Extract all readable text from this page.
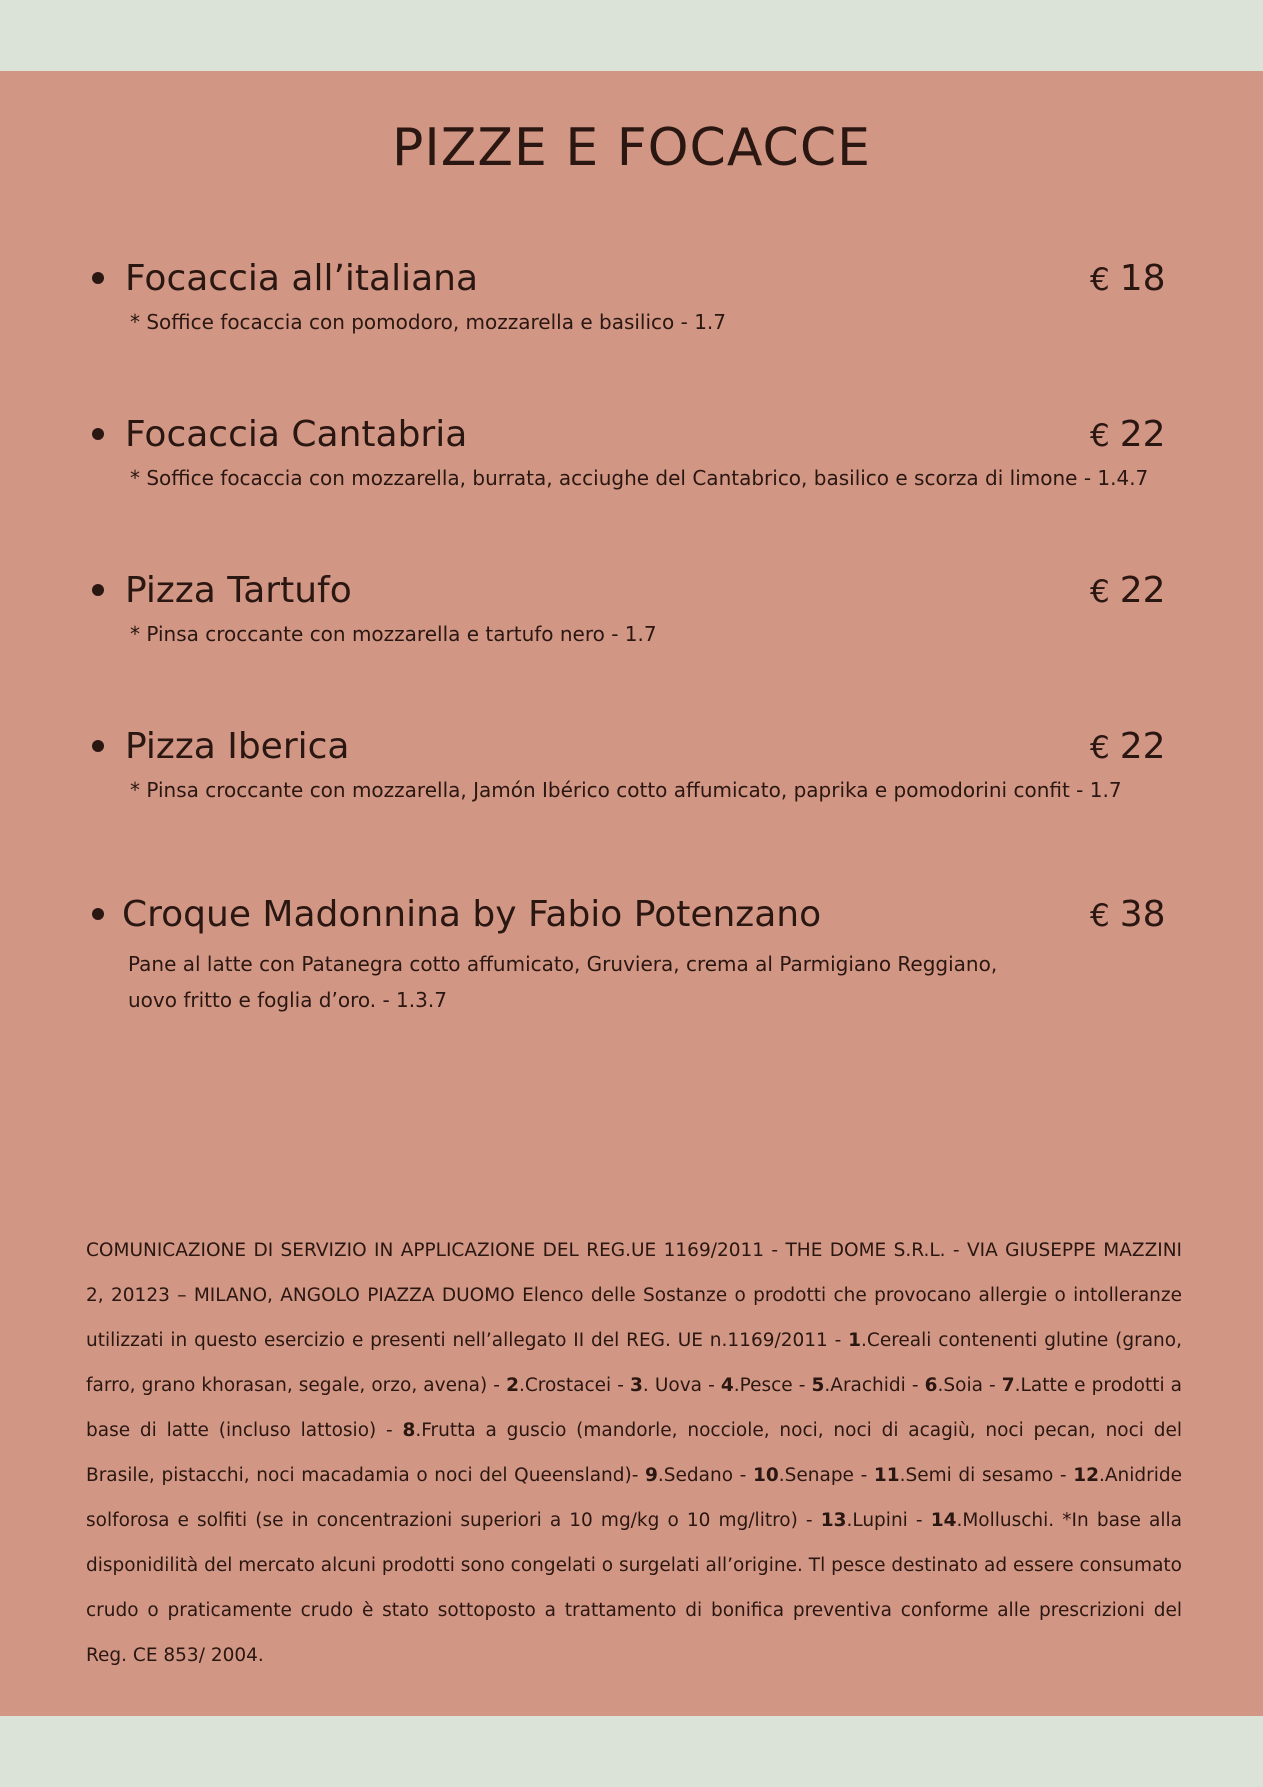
PIZZE E FOCACCE
Focaccia all’italiana	€ 18
* Soffice focaccia con pomodoro, mozzarella e basilico - 1.7
Focaccia Cantabria	€ 22
* Soffice focaccia con mozzarella, burrata, acciughe del Cantabrico, basilico e scorza di limone - 1.4.7
Pizza Tartufo	€ 22
* Pinsa croccante con mozzarella e tartufo nero - 1.7
Pizza Iberica	€ 22
* Pinsa croccante con mozzarella, Jamón Ibérico cotto affumicato, paprika e pomodorini confit - 1.7
Croque Madonnina by Fabio Potenzano	€ 38
Pane al latte con Patanegra cotto affumicato, Gruviera, crema al Parmigiano Reggiano,
uovo fritto e foglia d’oro. - 1.3.7

COMUNICAZIONE DI SERVIZIO IN APPLICAZIONE DEL REG.UE 1169/2011 - THE DOME S.R.L. - VIA GIUSEPPE MAZZINI 2, 20123 – MILANO, ANGOLO PIAZZA DUOMO Elenco delle Sostanze o prodotti che provocano allergie o intolleranze utilizzati in questo esercizio e presenti nell’allegato II del REG. UE n.1169/2011 - 1.Cereali contenenti glutine (grano, farro, grano khorasan, segale, orzo, avena) - 2.Crostacei - 3. Uova - 4.Pesce - 5.Arachidi - 6.Soia - 7.Latte e prodotti a base di latte (incluso lattosio) - 8.Frutta a guscio (mandorle, nocciole, noci, noci di acagiù, noci pecan, noci del Brasile, pistacchi, noci macadamia o noci del Queensland)- 9.Sedano - 10.Senape - 11.Semi di sesamo - 12.Anidride solforosa e solfiti (se in concentrazioni superiori a 10 mg/kg o 10 mg/litro) - 13.Lupini - 14.Molluschi. *In base alla disponidilità del mercato alcuni prodotti sono congelati o surgelati all’origine. Tl pesce destinato ad essere consumato crudo o praticamente crudo è stato sottoposto a trattamento di bonifica preventiva conforme alle prescrizioni del Reg. CE 853/ 2004.
